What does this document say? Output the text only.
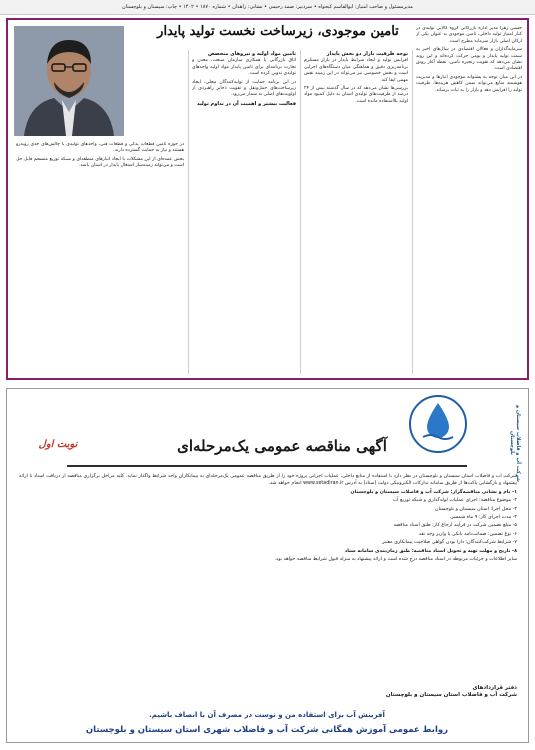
مدیرمسئول و صاحب امتیاز: ابوالقاسم کیخواه • سردبیر: صمد رحیمی • نشانی: زاهدان • شماره ۱۸۷۰ • ۱۴۰۲ • چاپ: سیستان و بلوچستان
تامین موجودی، زیرساخت نخست تولید پایدار	حسین زهرا مدیر اداره بازرگانی گروه کالایی تولیدی در کنار امتیاز تولید داخلی، تامین موجودی به عنوان یکی از ارکان اصلی بازار سرمایه مطرح است.

سرمایه‌گذاران و فعالان اقتصادی در سال‌های اخیر به سمت تولید پایدار و بومی حرکت کرده‌اند و این روند نشان می‌دهد که تقویت زنجیره تامین، نقطه آغاز رونق اقتصادی است.

در این میان توجه به پشتوانه موجودی انبارها و مدیریت هوشمند منابع می‌تواند ضمن کاهش هزینه‌ها، ظرفیت تولید را افزایش دهد و بازار را به ثبات برساند.

توجه ظرفیت بازار دو بخش پایدار

افزایش تولید و ایجاد شرایط پایدار در بازار مستلزم برنامه‌ریزی دقیق و هماهنگی میان دستگاه‌های اجرایی است و بخش خصوصی نیز می‌تواند در این زمینه نقش مهمی ایفا کند.

بررسی‌ها نشان می‌دهد که در سال گذشته بیش از ۲۴ درصد از ظرفیت‌های تولیدی استان به دلیل کمبود مواد اولیه بلااستفاده مانده است.

تامین مواد اولیه و نیروهای متخصص

اتاق بازرگانی با همکاری سازمان صنعت، معدن و تجارت برنامه‌ای برای تامین پایدار مواد اولیه واحدهای تولیدی تدوین کرده است.

در این برنامه حمایت از تولیدکنندگان محلی، ایجاد زیرساخت‌های حمل‌ونقل و تقویت ذخایر راهبردی از اولویت‌های اصلی به شمار می‌رود.

فعالیت بیشتر و اهمیت آن در تداوم تولید

در حوزه تامین قطعات یدکی و قطعات فنی، واحدهای تولیدی با چالش‌های جدی روبه‌رو هستند و نیاز به حمایت گسترده دارند.

بخش عمده‌ای از این مشکلات با ایجاد انبارهای منطقه‌ای و شبکه توزیع منسجم قابل حل است و می‌تواند زمینه‌ساز اشتغال پایدار در استان باشد.

شرکت آب و فاضلاب سیستان و بلوچستان
نوبت اول	آگهی مناقصه عمومی یک‌مرحله‌ای

شرکت آب و فاضلاب استان سیستان و بلوچستان در نظر دارد با استفاده از منابع داخلی، عملیات اجرایی پروژه خود را از طریق مناقصه عمومی یک‌مرحله‌ای به پیمانکاران واجد شرایط واگذار نماید. کلیه مراحل برگزاری مناقصه از دریافت اسناد تا ارائه پیشنهاد و بازگشایی پاکت‌ها از طریق سامانه تدارکات الکترونیکی دولت (ستاد) به آدرس www.setadiran.ir انجام خواهد شد.

۱- نام و نشانی مناقصه‌گزار: شرکت آب و فاضلاب سیستان و بلوچستان

۲- موضوع مناقصه: اجرای عملیات لوله‌گذاری و شبکه توزیع آب

۳- محل اجرا: استان سیستان و بلوچستان

۴- مدت اجرای کار: ۹ ماه شمسی

۵- مبلغ تضمین شرکت در فرآیند ارجاع کار: طبق اسناد مناقصه

۶- نوع تضمین: ضمانت‌نامه بانکی یا واریز وجه نقد

۷- شرایط شرکت‌کنندگان: دارا بودن گواهی صلاحیت پیمانکاری معتبر

۸- تاریخ و مهلت تهیه و تحویل اسناد مناقصه: طبق زمان‌بندی سامانه ستاد

سایر اطلاعات و جزئیات مربوطه در اسناد مناقصه درج شده است و ارائه پیشنهاد به منزله قبول شرایط مناقصه خواهد بود.

دفتر قراردادهای
شرکت آب و فاضلاب استان سیستان و بلوچستان
آفرینش آب برای استفاده من و توست در مصرف آن با انصاف باشیم.
روابط عمومی آموزش همگانی شرکت آب و فاضلاب شهری استان سیستان و بلوچستان
